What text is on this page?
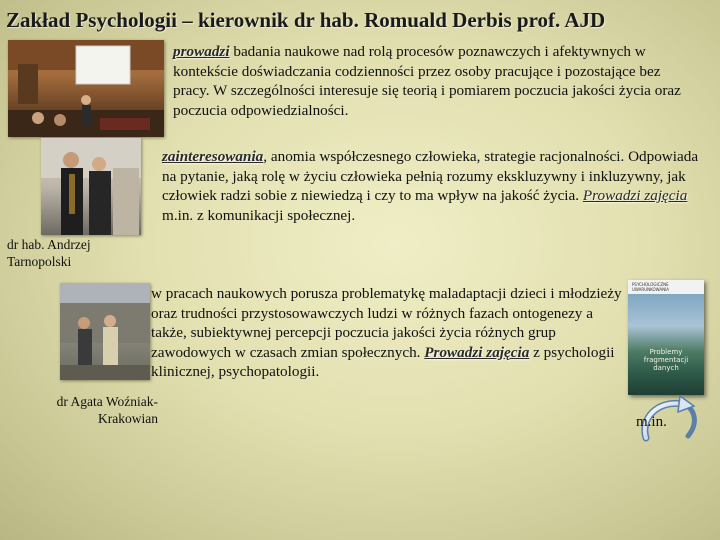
Zakład Psychologii – kierownik dr hab. Romuald Derbis prof. AJD
dr hab. Andrzej Tarnopolski
dr Agata Woźniak-
Krakowian
prowadzi badania naukowe nad rolą procesów poznawczych i afektywnych w kontekście doświadczania codzienności przez osoby pracujące i pozostające bez pracy. W szczególności interesuje się teorią i pomiarem poczucia jakości życia oraz poczucia odpowiedzialności.
zainteresowania, anomia współczesnego człowieka, strategie racjonalności. Odpowiada na pytanie, jaką rolę w życiu człowieka pełnią rozumy ekskluzywny i inkluzywny, jak człowiek radzi sobie z niewiedzą i czy to ma wpływ na jakość życia. Prowadzi zajęcia m.in. z komunikacji społecznej.
w pracach naukowych porusza problematykę maladaptacji dzieci i młodzieży oraz trudności przystosowawczych ludzi w różnych fazach ontogenezy a także, subiektywnej percepcji poczucia jakości życia różnych grup zawodowych w czasach zmian społecznych. Prowadzi zajęcia z psychologii klinicznej, psychopatologii.
PSYCHOLOGICZNE UWARUNKOWANIA
Problemy fragmentacji danych
m.in.
